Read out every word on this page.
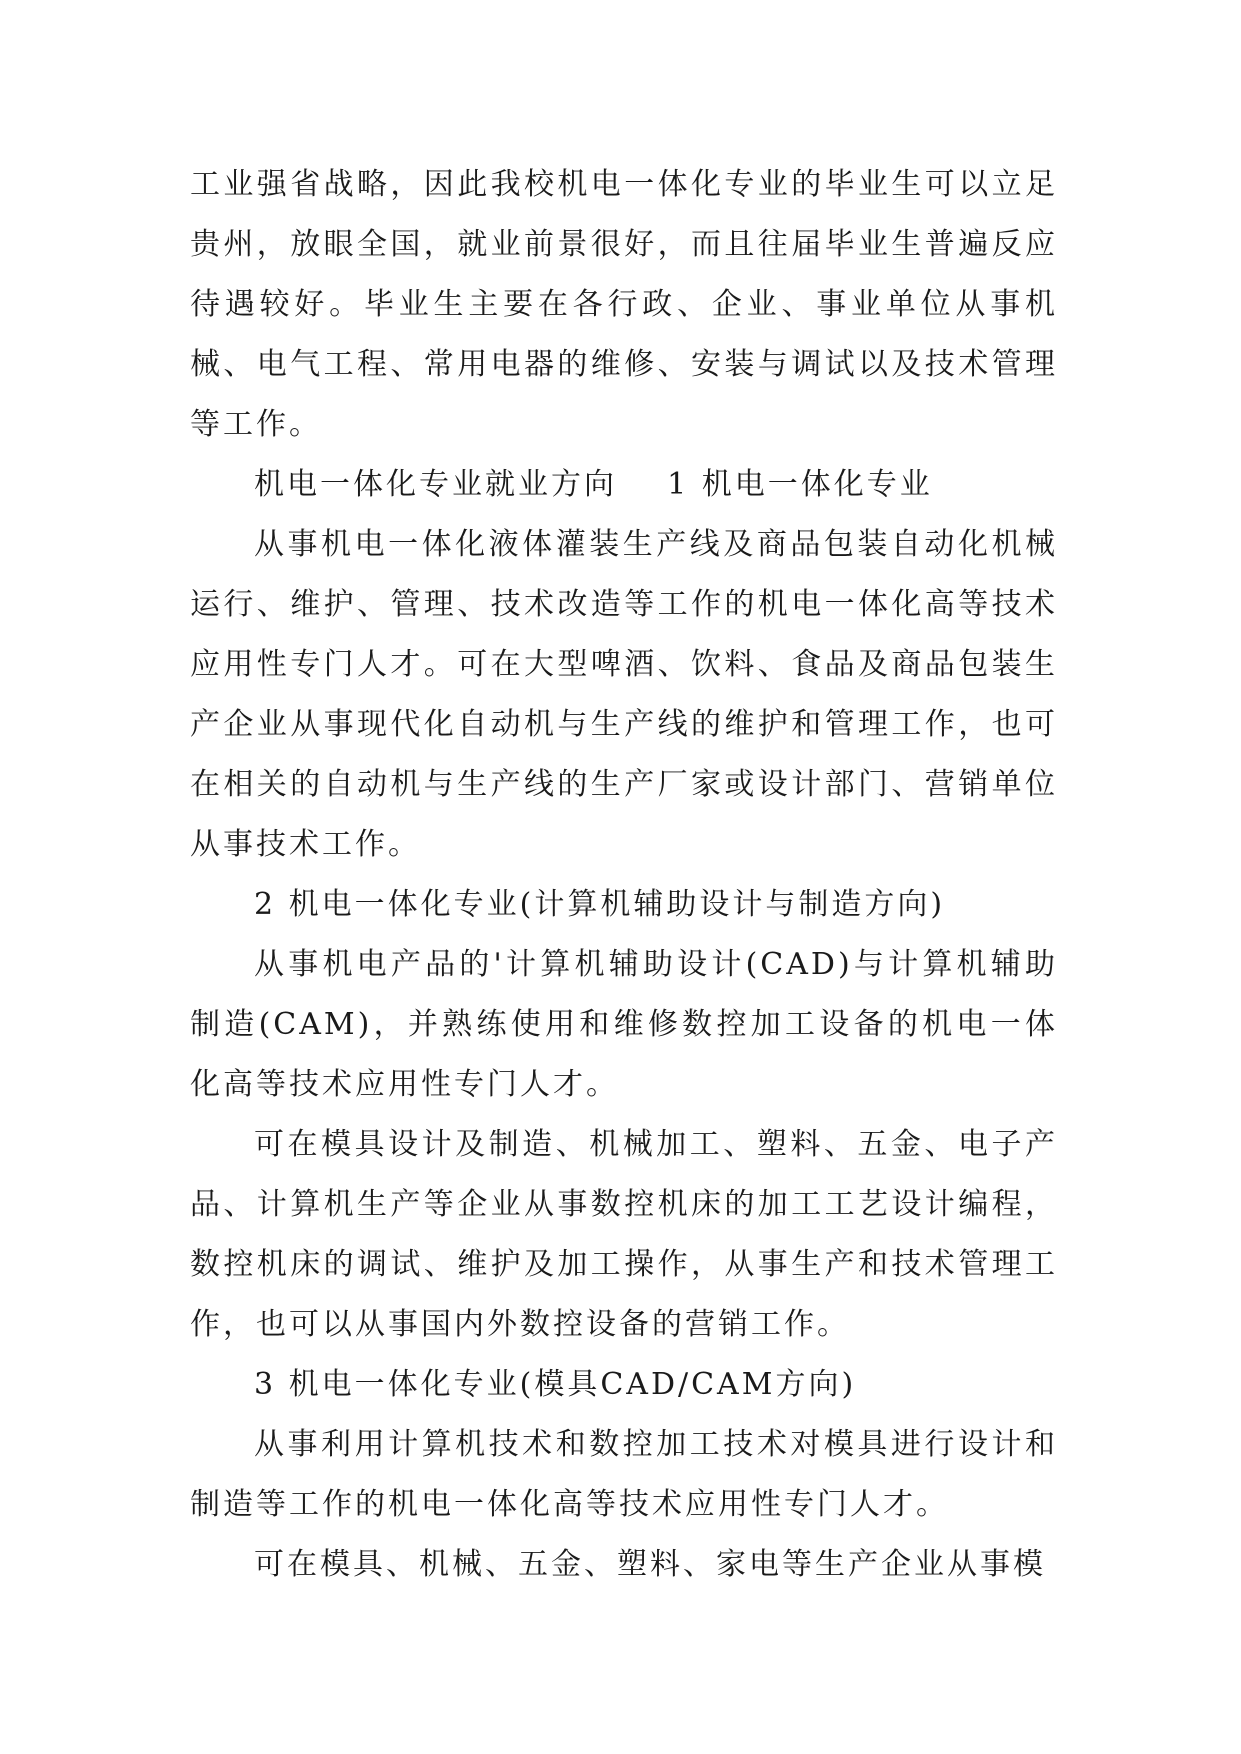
工业强省战略，因此我校机电一体化专业的毕业生可以立足贵州，放眼全国，就业前景很好，而且往届毕业生普遍反应待遇较好。毕业生主要在各行政、企业、事业单位从事机械、电气工程、常用电器的维修、安装与调试以及技术管理等工作。

机电一体化专业就业方向    1 机电一体化专业

从事机电一体化液体灌装生产线及商品包装自动化机械运行、维护、管理、技术改造等工作的机电一体化高等技术应用性专门人才。可在大型啤酒、饮料、食品及商品包装生产企业从事现代化自动机与生产线的维护和管理工作，也可在相关的自动机与生产线的生产厂家或设计部门、营销单位从事技术工作。

2 机电一体化专业(计算机辅助设计与制造方向)

从事机电产品的'计算机辅助设计(CAD)与计算机辅助制造(CAM)，并熟练使用和维修数控加工设备的机电一体化高等技术应用性专门人才。

可在模具设计及制造、机械加工、塑料、五金、电子产品、计算机生产等企业从事数控机床的加工工艺设计编程，数控机床的调试、维护及加工操作，从事生产和技术管理工作，也可以从事国内外数控设备的营销工作。

3 机电一体化专业(模具CAD/CAM方向)

从事利用计算机技术和数控加工技术对模具进行设计和制造等工作的机电一体化高等技术应用性专门人才。

可在模具、机械、五金、塑料、家电等生产企业从事模
